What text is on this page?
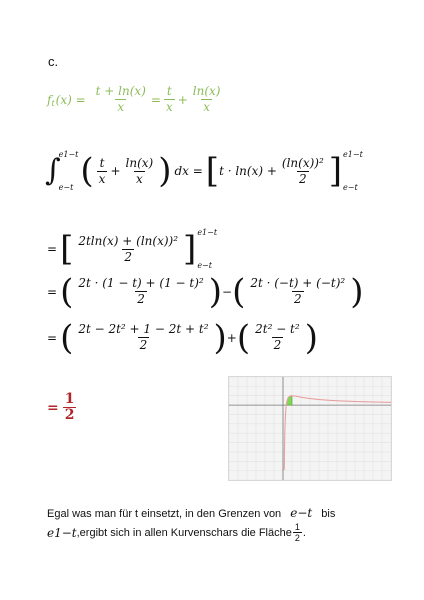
c.
f t $(x) = \frac{t + \ln(x)}{x} = \frac{t}{x} + \frac{\ln(x)}{x}$
∫
e1−t
e−t ( $\frac{t}{x} + \frac{\ln(x)}{x}$ ) dx = [ $t \cdot \ln(x) + \frac{\text{(ln(x))²}}{2}$ ] e1−t
e−t
= [ $\frac{\text{2tln(x) + (ln(x))²}}{2}$ ] e1−t
e−t
= ( $\frac{\text{2t · (1 − t) + (1 − t)²}}{2}$ ) − ( $\frac{\text{2t · (−t) + (−t)²}}{2}$ )
= ( $\frac{\text{2t − 2t² + 1 − 2t + t²}}{2}$ ) + ( $\frac{\text{2t² − t²}}{2}$ )
= $\frac{1}{2}$
Egal was man für t einsetzt, in den Grenzen von e−t bis
e1−t ,ergibt sich in allen Kurvenschars die Fläche $\frac{1}{2}$ .
